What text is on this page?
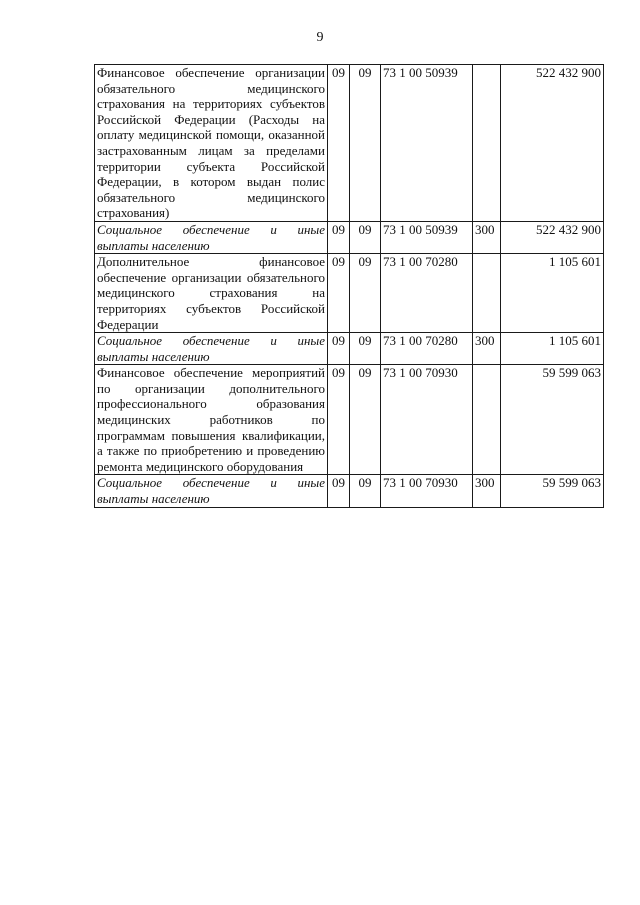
9
Финансовое обеспечение организации обязательного медицинского страхования на территориях субъектов Российской Федерации (Расходы на оплату медицинской помощи, оказанной застрахованным лицам за пределами территории субъекта Российской Федерации, в котором выдан полис обязательного медицинского страхования)	09	09	73 1 00 50939		522 432 900

Социальное обеспечение и иные
выплаты населению	09	09	73 1 00 50939	300	522 432 900
Дополнительное финансовое обеспечение организации обязательного медицинского страхования на территориях субъектов Российской Федерации	09	09	73 1 00 70280		1 105 601

Социальное обеспечение и иные
выплаты населению	09	09	73 1 00 70280	300	1 105 601
Финансовое обеспечение мероприятий по организации дополнительного профессионального образования медицинских работников по программам повышения квалификации, а также по приобретению и проведению ремонта медицинского оборудования	09	09	73 1 00 70930		59 599 063

Социальное обеспечение и иные
выплаты населению	09	09	73 1 00 70930	300	59 599 063
